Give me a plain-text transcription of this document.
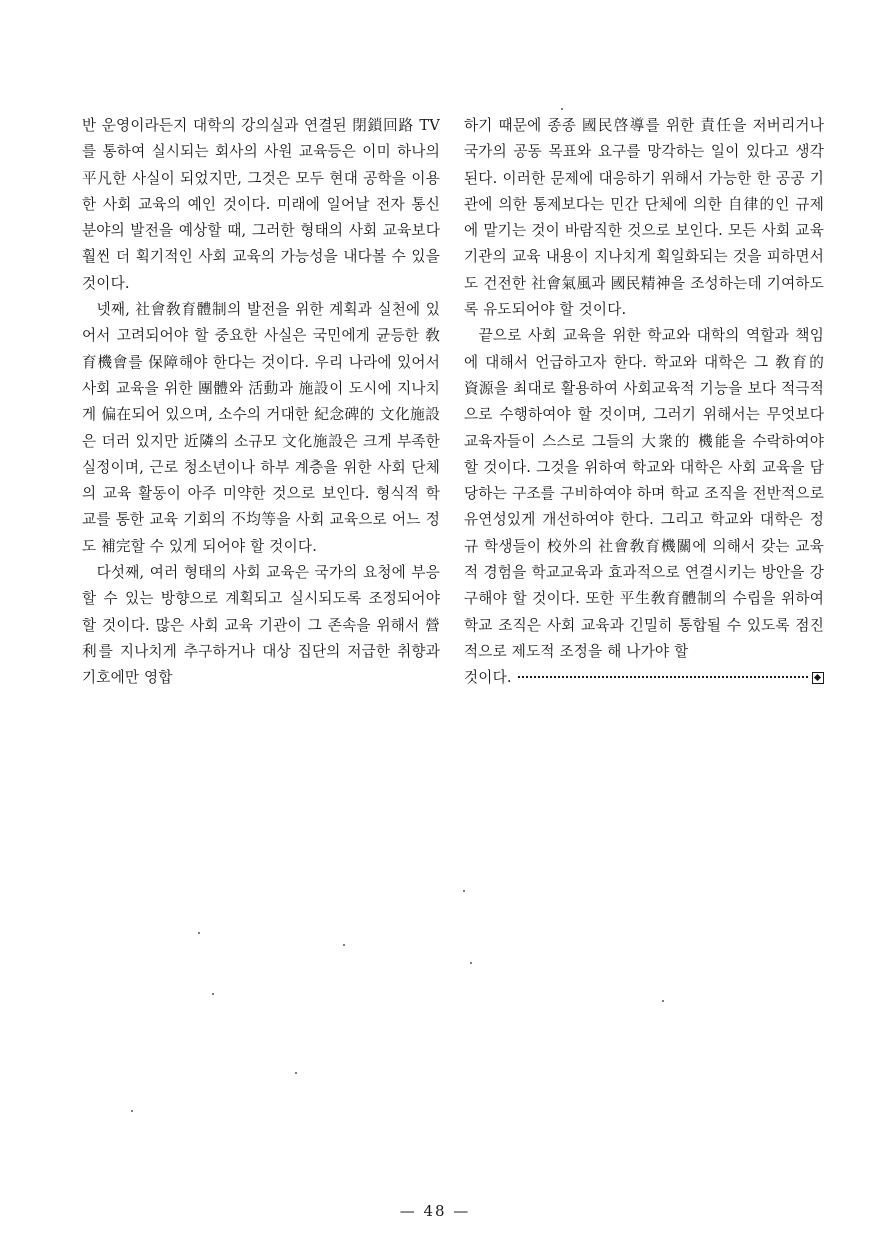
반 운영이라든지 대학의 강의실과 연결된 閉鎖回路 TV를 통하여 실시되는 회사의 사원 교육등은 이미 하나의 平凡한 사실이 되었지만, 그것은 모두 현대 공학을 이용한 사회 교육의 예인 것이다. 미래에 일어날 전자 통신 분야의 발전을 예상할 때, 그러한 형태의 사회 교육보다 훨씬 더 획기적인 사회 교육의 가능성을 내다볼 수 있을 것이다.

넷째, 社會敎育體制의 발전을 위한 계획과 실천에 있어서 고려되어야 할 중요한 사실은 국민에게 균등한 敎育機會를 保障해야 한다는 것이다. 우리 나라에 있어서 사회 교육을 위한 團體와 活動과 施設이 도시에 지나치게 偏在되어 있으며, 소수의 거대한 紀念碑的 文化施設은 더러 있지만 近隣의 소규모 文化施設은 크게 부족한 실정이며, 근로 청소년이나 하부 계층을 위한 사회 단체의 교육 활동이 아주 미약한 것으로 보인다. 형식적 학교를 통한 교육 기회의 不均等을 사회 교육으로 어느 정도 補完할 수 있게 되어야 할 것이다.

다섯째, 여러 형태의 사회 교육은 국가의 요청에 부응할 수 있는 방향으로 계획되고 실시되도록 조정되어야 할 것이다. 많은 사회 교육 기관이 그 존속을 위해서 營利를 지나치게 추구하거나 대상 집단의 저급한 취향과 기호에만 영합

하기 때문에 종종 國民啓導를 위한 責任을 저버리거나 국가의 공동 목표와 요구를 망각하는 일이 있다고 생각된다. 이러한 문제에 대응하기 위해서 가능한 한 공공 기관에 의한 통제보다는 민간 단체에 의한 自律的인 규제에 맡기는 것이 바람직한 것으로 보인다. 모든 사회 교육 기관의 교육 내용이 지나치게 획일화되는 것을 피하면서도 건전한 社會氣風과 國民精神을 조성하는데 기여하도록 유도되어야 할 것이다.

끝으로 사회 교육을 위한 학교와 대학의 역할과 책임에 대해서 언급하고자 한다. 학교와 대학은 그 敎育的 資源을 최대로 활용하여 사회교육적 기능을 보다 적극적으로 수행하여야 할 것이며, 그러기 위해서는 무엇보다 교육자들이 스스로 그들의 大衆的 機能을 수락하여야 할 것이다. 그것을 위하여 학교와 대학은 사회 교육을 담당하는 구조를 구비하여야 하며 학교 조직을 전반적으로 유연성있게 개선하여야 한다. 그리고 학교와 대학은 정규 학생들이 校外의 社會敎育機關에 의해서 갖는 교육적 경험을 학교교육과 효과적으로 연결시키는 방안을 강구해야 할 것이다. 또한 平生敎育體制의 수립을 위하여 학교 조직은 사회 교육과 긴밀히 통합될 수 있도록 점진적으로 제도적 조정을 해 나가야 할

것이다.
— 48 —
